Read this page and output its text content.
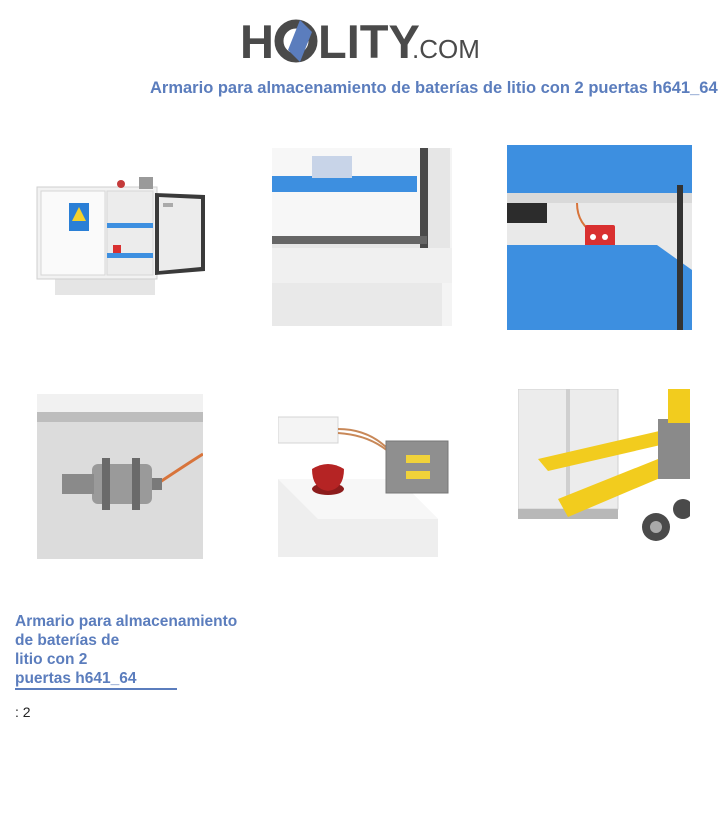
H LITY
.COM
Armario para almacenamiento de baterías de litio con 2 puertas h641_64
Armario para almacenamiento
de baterías de
litio con 2
puertas h641_64
: 2
